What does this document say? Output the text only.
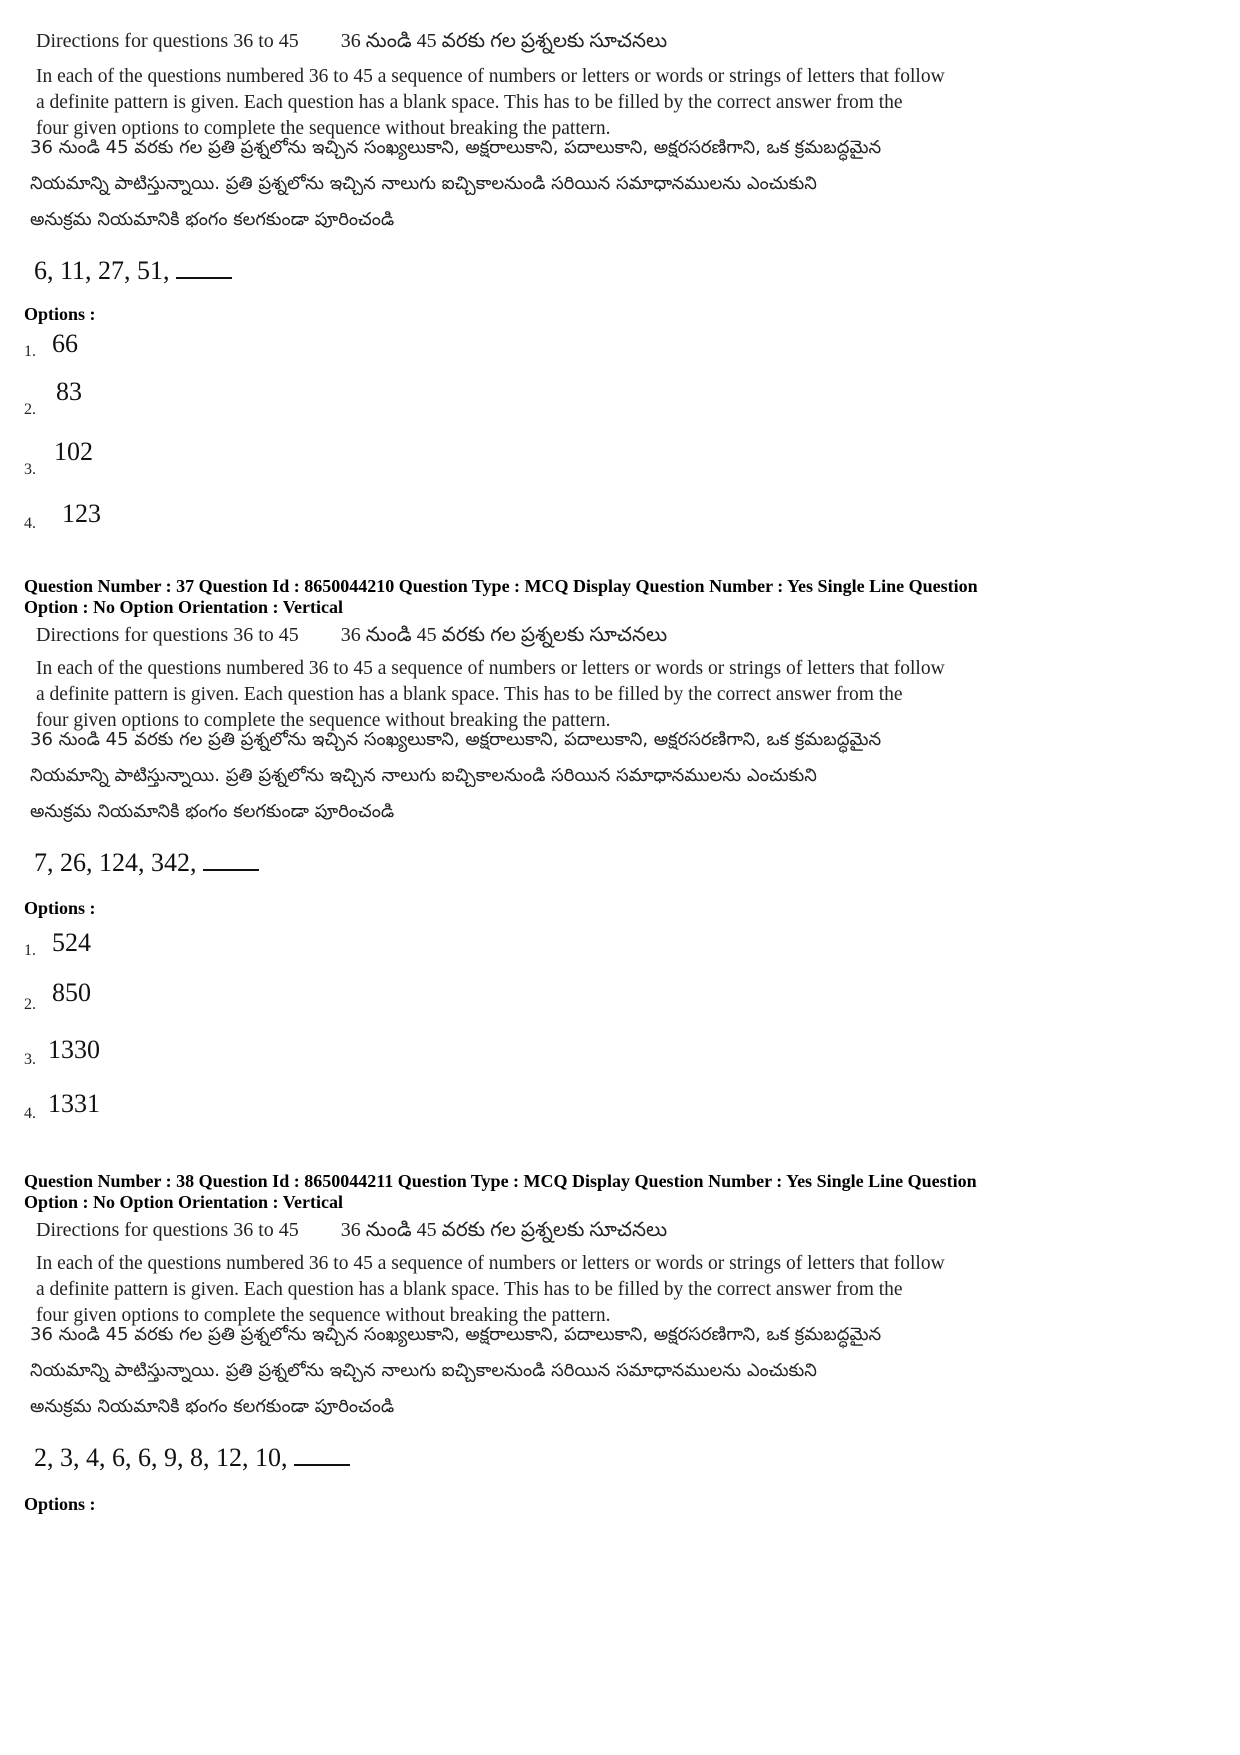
Directions for questions 36 to 45 36 నుండి 45 వరకు గల ప్రశ్నలకు సూచనలు
In each of the questions numbered 36 to 45 a sequence of numbers or letters or words or strings of letters that follow
a definite pattern is given. Each question has a blank space. This has to be filled by the correct answer from the
four given options to complete the sequence without breaking the pattern.
36 నుండి 45 వరకు గల ప్రతి ప్రశ్నలోను ఇచ్చిన సంఖ్యలుకాని, అక్షరాలుకాని, పదాలుకాని, అక్షరసరణిగాని, ఒక క్రమబద్ధమైన
నియమాన్ని పాటిస్తున్నాయి. ప్రతి ప్రశ్నలోను ఇచ్చిన నాలుగు ఐచ్చికాలనుండి సరియిన సమాధానములను ఎంచుకుని
అనుక్రమ నియమానికి భంగం కలగకుండా పూరించండి
6, 11, 27, 51,
Options :
1. 66
2.
83
3.
102
4. 123
Question Number : 37 Question Id : 8650044210 Question Type : MCQ Display Question Number : Yes Single Line Question
Option : No Option Orientation : Vertical
Directions for questions 36 to 45 36 నుండి 45 వరకు గల ప్రశ్నలకు సూచనలు
In each of the questions numbered 36 to 45 a sequence of numbers or letters or words or strings of letters that follow
a definite pattern is given. Each question has a blank space. This has to be filled by the correct answer from the
four given options to complete the sequence without breaking the pattern.
36 నుండి 45 వరకు గల ప్రతి ప్రశ్నలోను ఇచ్చిన సంఖ్యలుకాని, అక్షరాలుకాని, పదాలుకాని, అక్షరసరణిగాని, ఒక క్రమబద్ధమైన
నియమాన్ని పాటిస్తున్నాయి. ప్రతి ప్రశ్నలోను ఇచ్చిన నాలుగు ఐచ్చికాలనుండి సరియిన సమాధానములను ఎంచుకుని
అనుక్రమ నియమానికి భంగం కలగకుండా పూరించండి
7, 26, 124, 342,
Options :
1. 524
2. 850
3. 1330
4. 1331
Question Number : 38 Question Id : 8650044211 Question Type : MCQ Display Question Number : Yes Single Line Question
Option : No Option Orientation : Vertical
Directions for questions 36 to 45 36 నుండి 45 వరకు గల ప్రశ్నలకు సూచనలు
In each of the questions numbered 36 to 45 a sequence of numbers or letters or words or strings of letters that follow
a definite pattern is given. Each question has a blank space. This has to be filled by the correct answer from the
four given options to complete the sequence without breaking the pattern.
36 నుండి 45 వరకు గల ప్రతి ప్రశ్నలోను ఇచ్చిన సంఖ్యలుకాని, అక్షరాలుకాని, పదాలుకాని, అక్షరసరణిగాని, ఒక క్రమబద్ధమైన
నియమాన్ని పాటిస్తున్నాయి. ప్రతి ప్రశ్నలోను ఇచ్చిన నాలుగు ఐచ్చికాలనుండి సరియిన సమాధానములను ఎంచుకుని
అనుక్రమ నియమానికి భంగం కలగకుండా పూరించండి
2, 3, 4, 6, 6, 9, 8, 12, 10,
Options :
